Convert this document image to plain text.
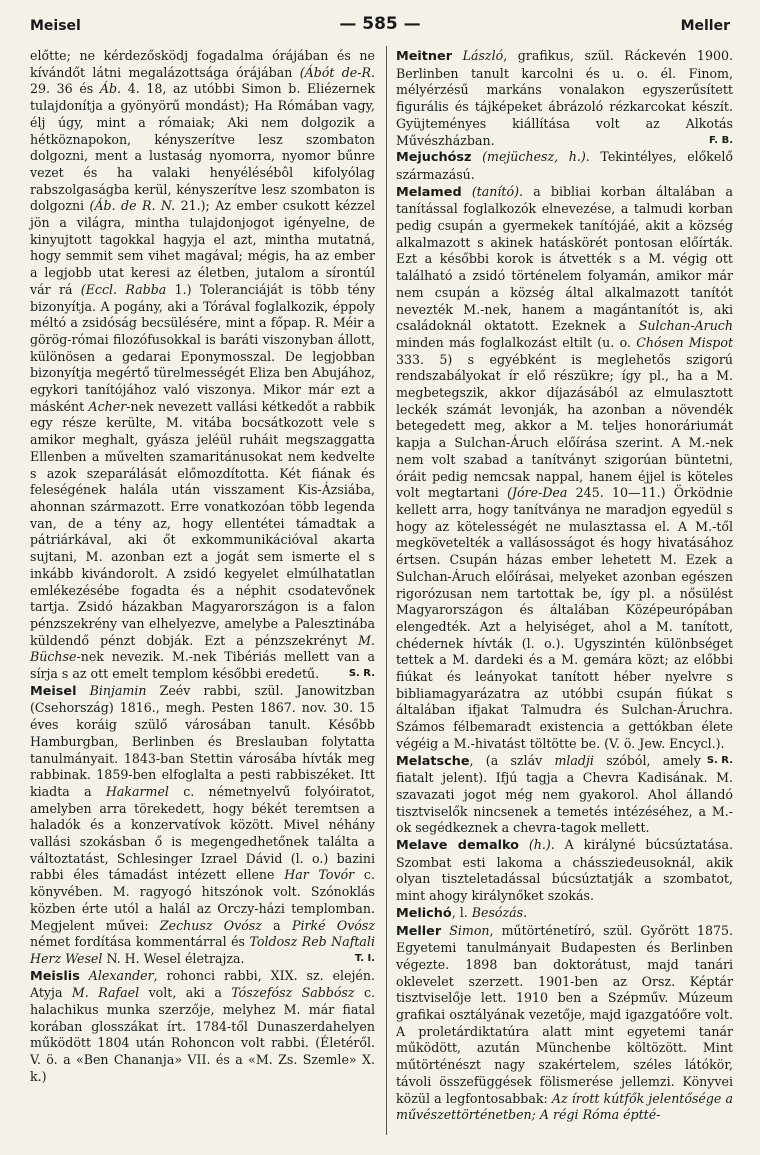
Meisel	— 585 —	Meller

előtte; ne kérdezősködj fogadalma órájában és ne kívándőt látni megalázottsága órájában (Ábót de-R. 29. 36 és Áb. 4. 18, az utóbbi Simon b. Eliézernek tulajdonítja a gyönyörű mondást); Ha Rómában vagy, élj úgy, mint a rómaiak; Aki nem dolgozik a hétköznapokon, kényszerítve lesz szombaton dolgozni, ment a lustaság nyomorra, nyomor bűnre vezet és ha valaki henyélésébôl kifolyólag rabszolgaságba kerül, kényszerítve lesz szombaton is dolgozni (Áb. de R. N. 21.); Az ember csukott kézzel jön a világra, mintha tulajdonjogot igényelne, de kinyujtott tagokkal hagyja el azt, mintha mutatná, hogy semmit sem vihet magával; mégis, ha az ember a legjobb utat keresi az életben, jutalom a sírontúl vár rá (Eccl. Rabba 1.) Toleranciáját is több tény bizonyítja. A pogány, aki a Tórával foglalkozik, éppoly méltó a zsidóság becsülésére, mint a főpap. R. Méir a görög-római filozófusokkal is baráti viszonyban állott, különösen a gedarai Eponymosszal. De legjobban bizonyítja megértő türelmességét Eliza ben Abujához, egykori tanítójához való viszonya. Mikor már ezt a másként Acher-nek nevezett vallási kétkedőt a rabbik egy része kerülte, M. vitába bocsátkozott vele s amikor meghalt, gyásza jeléül ruháit megszaggatta Ellenben a művelten szamaritánusokat nem kedvelte s azok szeparálását előmozdította. Két fiának és feleségének halála után visszament Kis-Ázsiába, ahonnan származott. Erre vonatkozóan több legenda van, de a tény az, hogy ellentétei támadtak a pátriárkával, aki őt exkommunikációval akarta sujtani, M. azonban ezt a jogát sem ismerte el s inkább kivándorolt. A zsidó kegyelet elmúlhatatlan emlékezésébe fogadta és a néphit csodatevőnek tartja. Zsidó házakban Magyarországon is a falon pénzszekrény van elhelyezve, amelybe a Palesztinába küldendő pénzt dobják. Ezt a pénzszekrényt M. Büchse-nek nevezik. M.-nek Tibériás mellett van a sírja s az ott emelt templom későbbi eredetű.	S. R.

Meisel Binjamin Zeév rabbi, szül. Janowitzban (Csehország) 1816., megh. Pesten 1867. nov. 30. 15 éves koráig szülő városában tanult. Később Hamburgban, Berlinben és Breslauban folytatta tanulmányait. 1843-ban Stettin városába hívták meg rabbinak. 1859-ben elfoglalta a pesti rabbiszéket. Itt kiadta a Hakarmel c. németnyelvű folyóiratot, amelyben arra törekedett, hogy békét teremtsen a haladók és a konzervatívok között. Mivel néhány vallási szokásban ő is megengedhetőnek találta a változtatást, Schlesinger Izrael Dávid (l. o.) bazini rabbi éles támadást intézett ellene Har Tovór c. könyvében. M. ragyogó hitszónok volt. Szónoklás közben érte utól a halál az Orczy-házi templomban. Megjelent művei: Zechusz Ovósz a Pirké Ovósz német fordítása kommentárral és Toldosz Reb Naftali Herz Wesel N. H. Wesel életrajza.	T. I.

Meislis Alexander, rohonci rabbi, XIX. sz. elején. Atyja M. Rafael volt, aki a Tószefósz Sabbósz c. halachikus munka szerzője, melyhez M. már fiatal korában glosszákat írt. 1784-től Dunaszerdahelyen működött 1804 után Rohoncon volt rabbi. (Életéről. V. ö. a «Ben Chananja» VII. és a «M. Zs. Szemle» X. k.)

Meitner László, grafikus, szül. Ráckevén 1900. Berlinben tanult karcolni és u. o. él. Finom, mélyérzésű markáns vonalakon egyszerűsített figurális és tájképeket ábrázoló rézkarcokat készít. Gyüjteményes kiállítása volt az Alkotás Művészházban.	F. B.

Mejuchósz (mejüchesz, h.). Tekintélyes, előkelő származású.

Melamed (tanító). a bibliai korban általában a tanítással foglalkozók elnevezése, a talmudi korban pedig csupán a gyermekek tanítójáé, akit a község alkalmazott s akinek hatáskörét pontosan előírták. Ezt a későbbi korok is átvették s a M. végig ott található a zsidó történelem folyamán, amikor már nem csupán a község által alkalmazott tanítót nevezték M.-nek, hanem a magántanítót is, aki családoknál oktatott. Ezeknek a Sulchan-Aruch minden más foglalkozást eltilt (u. o. Chósen Mispot 333. 5) s egyébként is meglehetős szigorú rendszabályokat ír elő részükre; így pl., ha a M. megbetegszik, akkor díjazásából az elmulasztott leckék számát levonják, ha azonban a növendék betegedett meg, akkor a M. teljes honoráriumát kapja a Sulchan-Áruch előírása szerint. A M.-nek nem volt szabad a tanítványt szigorúan büntetni, óráit pedig nemcsak nappal, hanem éjjel is köteles volt megtartani (Jóre-Dea 245. 10—11.) Örködnie kellett arra, hogy tanítványa ne maradjon egyedül s hogy az kötelességét ne mulasztassa el. A M.-től megkövetelték a vallásosságot és hogy hivatásához értsen. Csupán házas ember lehetett M. Ezek a Sulchan-Áruch előírásai, melyeket azonban egészen rigorózusan nem tartottak be, így pl. a nősülést Magyarországon és általában Középeurópában elengedték. Azt a helyiséget, ahol a M. tanított, chédernek hívták (l. o.). Ugyszintén különbséget tettek a M. dardeki és a M. gemára közt; az előbbi fiúkat és leányokat tanított héber nyelvre s bibliamagyarázatra az utóbbi csupán fiúkat s általában ifjakat Talmudra és Sulchan-Áruchra. Számos félbemaradt existencia a gettókban élete végéig a M.-hivatást töltötte be. (V. ö. Jew. Encycl.).
S. R.

Melatsche, (a szláv mladji szóból, amely fiatalt jelent). Ifjú tagja a Chevra Kadisának. M. szavazati jogot még nem gyakorol. Ahol állandó tisztviselők nincsenek a temetés intézéséhez, a M.-ok segédkeznek a chevra-tagok mellett.

Melave demalko (h.). A királyné búcsúztatása. Szombat esti lakoma a chássziedeusoknál, akik olyan tiszteletadással búcsúztatják a szombatot, mint ahogy királynőket szokás.

Melichó, l. Besózás.

Meller Simon, műtörténetíró, szül. Győrött 1875. Egyetemi tanulmányait Budapesten és Berlinben végezte. 1898 ban doktorátust, majd tanári oklevelet szerzett. 1901-ben az Orsz. Képtár tisztviselője lett. 1910 ben a Szépműv. Múzeum grafikai osztályának vezetője, majd igazgatóőre volt. A proletárdiktatúra alatt mint egyetemi tanár működött, azután Münchenbe költözött. Mint műtörténészt nagy szakértelem, széles látókör, távoli összefüggések fölismerése jellemzi. Könyvei közül a legfontosabbak: Az írott kútfők jelentősége a művészettörténetben; A régi Róma éptté-
